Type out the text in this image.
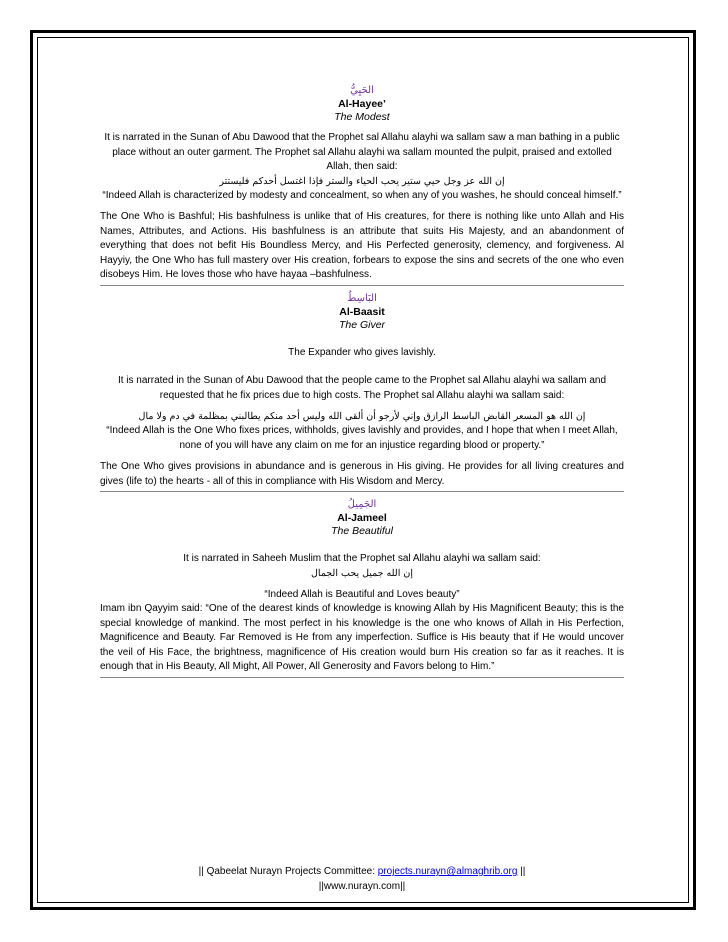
الحَيِيُّ
Al-Hayee’
The Modest

It is narrated in the Sunan of Abu Dawood that the Prophet sal Allahu alayhi wa sallam saw a man bathing in a public place without an outer garment. The Prophet sal Allahu alayhi wa sallam mounted the pulpit, praised and extolled Allah, then said:

إن الله عز وجل حيي ستير يحب الحياء والستر فإذا اغتسل أحدكم فليستتر

“Indeed Allah is characterized by modesty and concealment, so when any of you washes, he should conceal himself.”

The One Who is Bashful; His bashfulness is unlike that of His creatures, for there is nothing like unto Allah and His Names, Attributes, and Actions. His bashfulness is an attribute that suits His Majesty, and an abandonment of everything that does not befit His Boundless Mercy, and His Perfected generosity, clemency, and forgiveness. Al Hayyiy, the One Who has full mastery over His creation, forbears to expose the sins and secrets of the one who even disobeys Him. He loves those who have hayaa –bashfulness.

البَاسِطُ
Al-Baasit
The Giver

The Expander who gives lavishly.

It is narrated in the Sunan of Abu Dawood that the people came to the Prophet sal Allahu alayhi wa sallam and requested that he fix prices due to high costs. The Prophet sal Allahu alayhi wa sallam said:

إن الله هو المسعر القابض الباسط الرازق وإني لأرجو أن ألقى الله وليس أحد منكم يطالبني بمظلمة في دم ولا مال

“Indeed Allah is the One Who fixes prices, withholds, gives lavishly and provides, and I hope that when I meet Allah, none of you will have any claim on me for an injustice regarding blood or property.”

The One Who gives provisions in abundance and is generous in His giving. He provides for all living creatures and gives (life to) the hearts - all of this in compliance with His Wisdom and Mercy.

الجَمِيلُ
Al-Jameel
The Beautiful

It is narrated in Saheeh Muslim that the Prophet sal Allahu alayhi wa sallam said:

إن الله جميل يحب الجمال

“Indeed Allah is Beautiful and Loves beauty”

Imam ibn Qayyim said: “One of the dearest kinds of knowledge is knowing Allah by His Magnificent Beauty; this is the special knowledge of mankind. The most perfect in his knowledge is the one who knows of Allah in His Perfection, Magnificence and Beauty. Far Removed is He from any imperfection. Suffice is His beauty that if He would uncover the veil of His Face, the brightness, magnificence of His creation would burn His creation so far as it reaches. It is enough that in His Beauty, All Might, All Power, All Generosity and Favors belong to Him.”

|| Qabeelat Nurayn Projects Committee: projects.nurayn@almaghrib.org ||
||www.nurayn.com||
